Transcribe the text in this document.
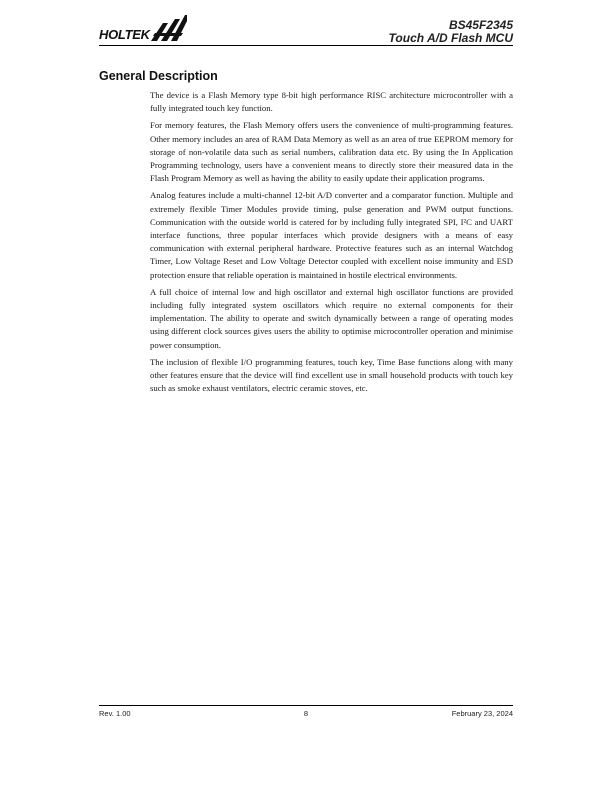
HOLTEK
BS45F2345
Touch A/D Flash MCU
General Description

The device is a Flash Memory type 8-bit high performance RISC architecture microcontroller with a fully integrated touch key function.

For memory features, the Flash Memory offers users the convenience of multi-programming features. Other memory includes an area of RAM Data Memory as well as an area of true EEPROM memory for storage of non-volatile data such as serial numbers, calibration data etc. By using the In Application Programming technology, users have a convenient means to directly store their measured data in the Flash Program Memory as well as having the ability to easily update their application programs.

Analog features include a multi-channel 12-bit A/D converter and a comparator function. Multiple and extremely flexible Timer Modules provide timing, pulse generation and PWM output functions. Communication with the outside world is catered for by including fully integrated SPI, I²C and UART interface functions, three popular interfaces which provide designers with a means of easy communication with external peripheral hardware. Protective features such as an internal Watchdog Timer, Low Voltage Reset and Low Voltage Detector coupled with excellent noise immunity and ESD protection ensure that reliable operation is maintained in hostile electrical environments.

A full choice of internal low and high oscillator and external high oscillator functions are provided including fully integrated system oscillators which require no external components for their implementation. The ability to operate and switch dynamically between a range of operating modes using different clock sources gives users the ability to optimise microcontroller operation and minimise power consumption.

The inclusion of flexible I/O programming features, touch key, Time Base functions along with many other features ensure that the device will find excellent use in small household products with touch key such as smoke exhaust ventilators, electric ceramic stoves, etc.

Rev. 1.00	8	February 23, 2024
